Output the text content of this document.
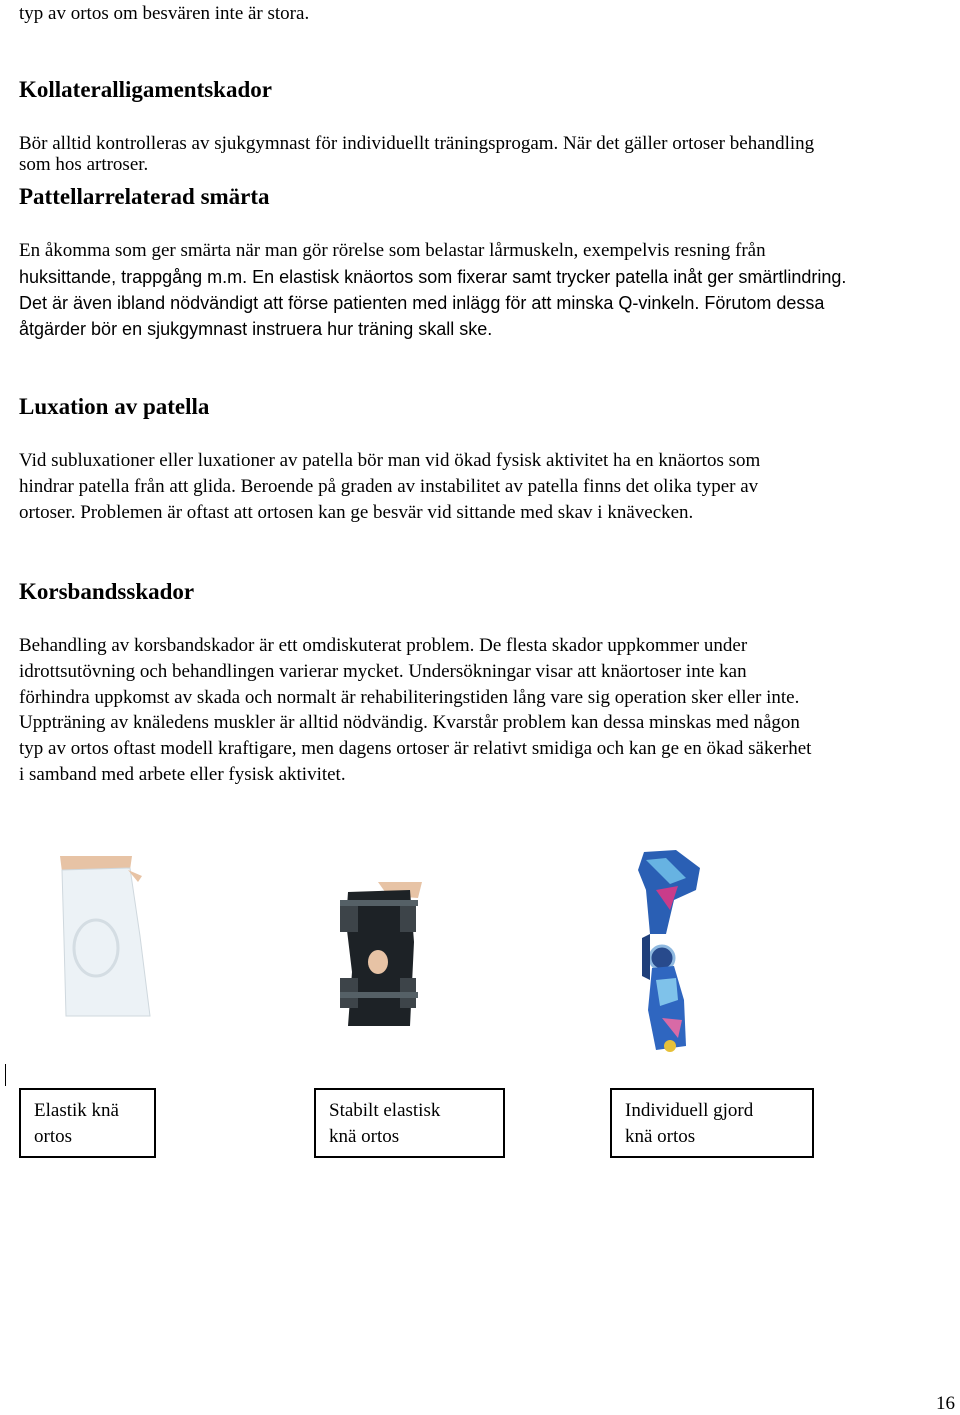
typ av ortos om besvären inte är stora.
Kollateralligamentskador
Bör alltid kontrolleras av sjukgymnast för individuellt träningsprogam. När det gäller ortoser behandling
som hos artroser.
Pattellarrelaterad smärta
En åkomma som ger smärta när man gör rörelse som belastar lårmuskeln, exempelvis resning från
huksittande, trappgång m.m. En elastisk knäortos som fixerar samt trycker patella inåt ger smärtlindring.
Det är även ibland nödvändigt att förse patienten med inlägg för att minska Q-vinkeln. Förutom dessa
åtgärder bör en sjukgymnast instruera hur träning skall ske.
Luxation av patella
Vid subluxationer eller luxationer av patella bör man vid ökad fysisk aktivitet ha en knäortos som
hindrar patella från att glida. Beroende på graden av instabilitet av patella finns det olika typer av
ortoser. Problemen är oftast att ortosen kan ge besvär vid sittande med skav i knävecken.
Korsbandsskador
Behandling av korsbandskador är ett omdiskuterat problem. De flesta skador uppkommer under
idrottsutövning och behandlingen varierar mycket. Undersökningar visar att knäortoser inte kan
förhindra uppkomst av skada och normalt är rehabiliteringstiden lång vare sig operation sker eller inte.
Uppträning av knäledens muskler är alltid nödvändig. Kvarstår problem kan dessa minskas med någon
typ av ortos oftast modell kraftigare, men dagens ortoser är relativt smidiga och kan ge en ökad säkerhet
i samband med arbete eller fysisk aktivitet.
Elastik knä
ortos
Stabilt elastisk
knä ortos
Individuell gjord
knä ortos
16
